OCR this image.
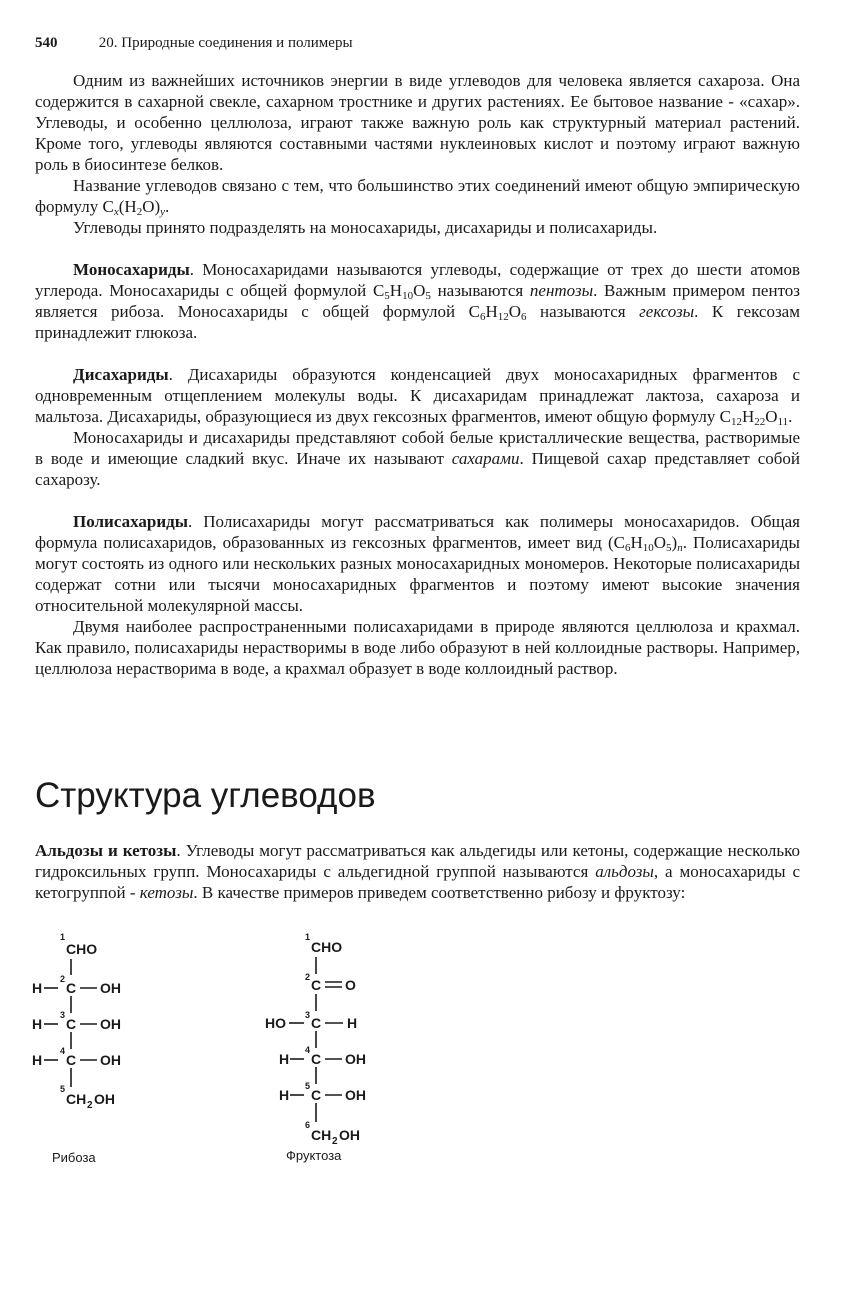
540	20. Природные соединения и полимеры

Одним из важнейших источников энергии в виде углеводов для человека является сахароза. Она содержится в сахарной свекле, сахарном тростнике и других растениях. Ее бытовое название - «сахар». Углеводы, и особенно целлюлоза, играют также важную роль как структурный материал растений. Кроме того, углеводы являются составными частями нуклеиновых кислот и поэтому играют важную роль в биосинтезе белков.

Название углеводов связано с тем, что большинство этих соединений имеют общую эмпирическую формулу $C_x(H_2O)_y$.

Углеводы принято подразделять на моносахариды, дисахариды и полисахариды.

Моносахариды. Моносахаридами называются углеводы, содержащие от трех до шести атомов углерода. Моносахариды с общей формулой $C_5H_{10}O_5$ называются пентозы. Важным примером пентоз является рибоза. Моносахариды с общей формулой $C_6H_{12}O_6$ называются гексозы. К гексозам принадлежит глюкоза.

Дисахариды. Дисахариды образуются конденсацией двух моносахаридных фрагментов с одновременным отщеплением молекулы воды. К дисахаридам принадлежат лактоза, сахароза и мальтоза. Дисахариды, образующиеся из двух гексозных фрагментов, имеют общую формулу $C_{12}H_{22}O_{11}$.

Моносахариды и дисахариды представляют собой белые кристаллические вещества, растворимые в воде и имеющие сладкий вкус. Иначе их называют сахарами. Пищевой сахар представляет собой сахарозу.

Полисахариды. Полисахариды могут рассматриваться как полимеры моносахаридов. Общая формула полисахаридов, образованных из гексозных фрагментов, имеет вид $(C_6H_{10}O_5)_n$. Полисахариды могут состоять из одного или нескольких разных моносахаридных мономеров. Некоторые полисахариды содержат сотни или тысячи моносахаридных фрагментов и поэтому имеют высокие значения относительной молекулярной массы.

Двумя наиболее распространенными полисахаридами в природе являются целлюлоза и крахмал. Как правило, полисахариды нерастворимы в воде либо образуют в ней коллоидные растворы. Например, целлюлоза нерастворима в воде, а крахмал образует в воде коллоидный раствор.

Структура углеводов

Альдозы и кетозы. Углеводы могут рассматриваться как альдегиды или кетоны, содержащие несколько гидроксильных групп. Моносахариды с альдегидной группой называются альдозы, а моносахариды с кетогруппой - кетозы. В качестве примеров приведем соответственно рибозу и фруктозу:

1
CHO
H
2
C OH
H
3
C OH
H
4
C OH
5
CH 2 OH
1
CHO
2 C O
HO 3 C H
H
4
C OH
H
5
C OH
6
CH 2 OH
Рибоза	Фруктоза
